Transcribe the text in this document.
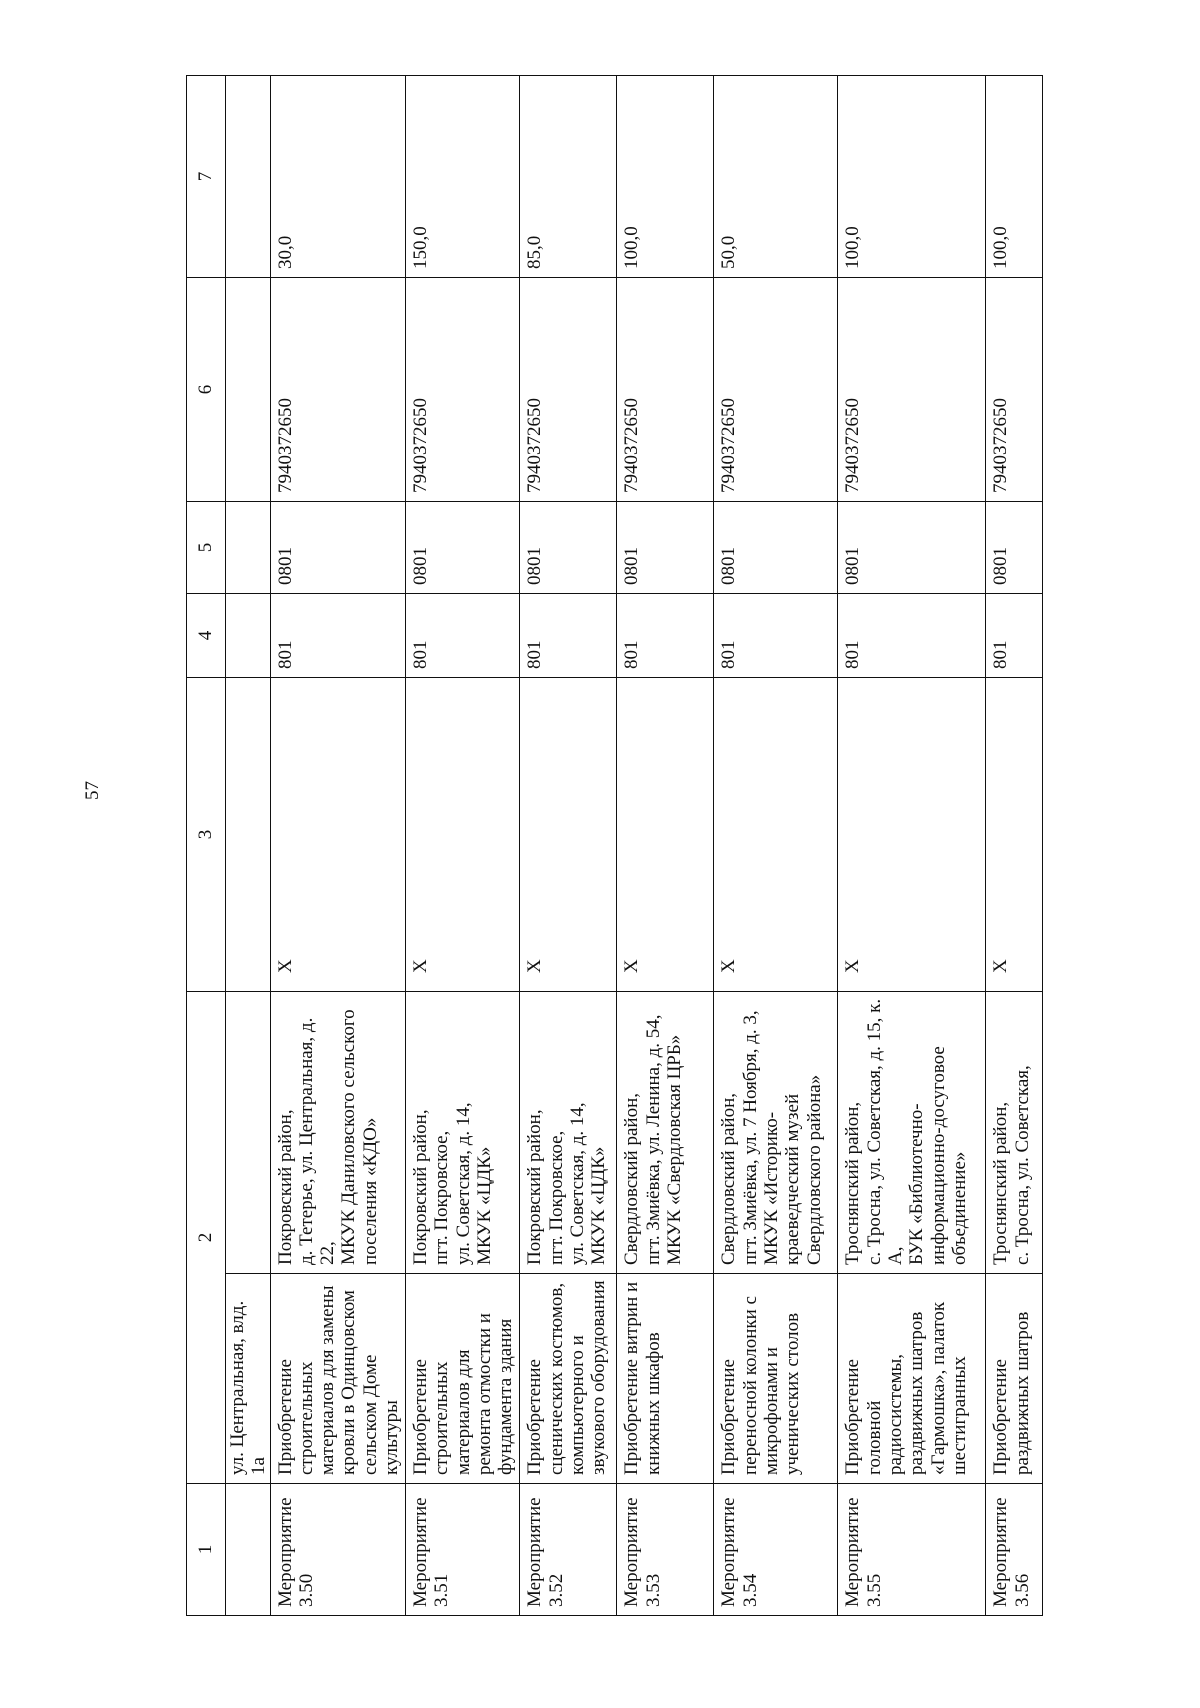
57
1	2		3	4	5	6	7
	ул. Центральная, влд. 1а						
Мероприятие 3.50	Приобретение строительных материалов для замены кровли в Одинцовском сельском Доме культуры	Покровский район, д. Тетерье, ул. Центральная, д. 22, МКУК Даниловского сельского поселения «КДО»	X	801	0801	7940372650	30,0
Мероприятие 3.51	Приобретение строительных материалов для ремонта отмостки и фундамента здания	Покровский район, пгт. Покровское, ул. Советская, д. 14, МКУК «ЦДК»	X	801	0801	7940372650	150,0
Мероприятие 3.52	Приобретение сценических костюмов, компьютерного и звукового оборудования	Покровский район, пгт. Покровское, ул. Советская, д. 14, МКУК «ЦДК»	X	801	0801	7940372650	85,0
Мероприятие 3.53	Приобретение витрин и книжных шкафов	Свердловский район, пгт. Змиёвка, ул. Ленина, д. 54, МКУК «Свердловская ЦРБ»	X	801	0801	7940372650	100,0
Мероприятие 3.54	Приобретение переносной колонки с микрофонами и ученических столов	Свердловский район, пгт. Змиёвка, ул. 7 Ноября, д. 3, МКУК «Историко-краеведческий музей Свердловского района»	X	801	0801	7940372650	50,0
Мероприятие 3.55	Приобретение головной радиосистемы, раздвижных шатров «Гармошка», палаток шестигранных	Троснянский район, с. Тросна, ул. Советская, д. 15, к. А, БУК «Библиотечно-информационно-досуговое объединение»	X	801	0801	7940372650	100,0
Мероприятие 3.56	Приобретение раздвижных шатров	Троснянский район, с. Тросна, ул. Советская,	X	801	0801	7940372650	100,0
